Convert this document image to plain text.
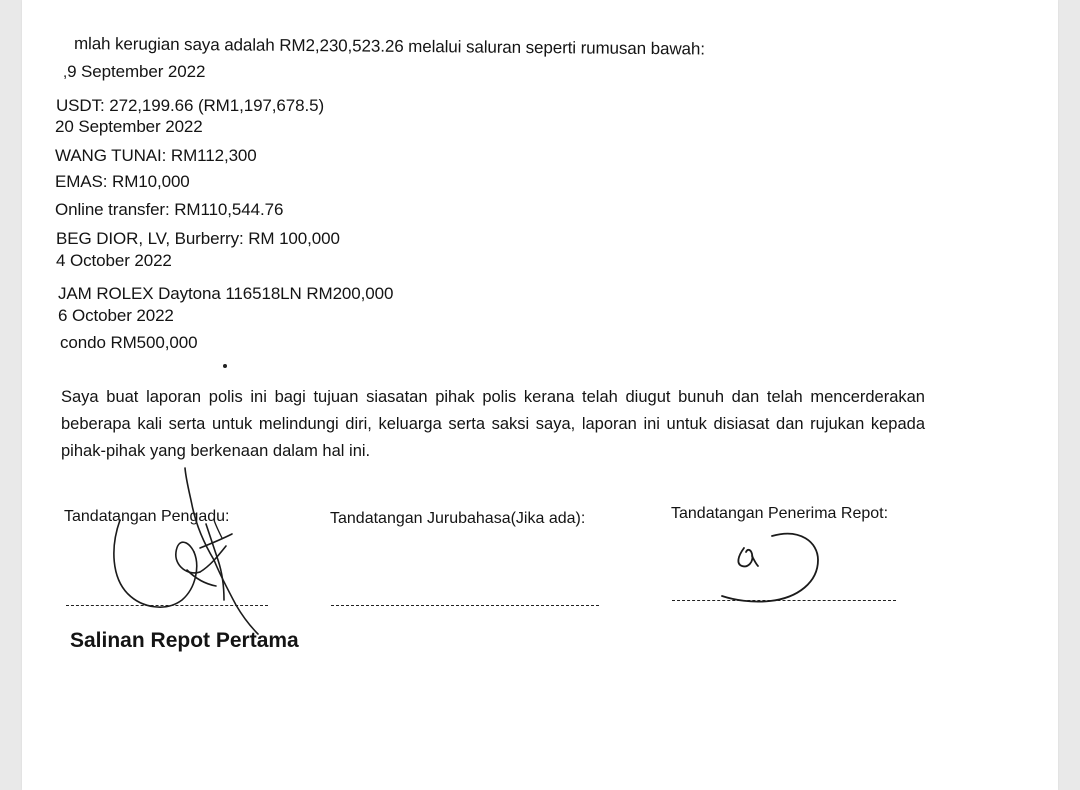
mlah kerugian saya adalah RM2,230,523.26 melalui saluran seperti rumusan bawah:
,9 September 2022
USDT: 272,199.66 (RM1,197,678.5)
20 September 2022
WANG TUNAI: RM112,300
EMAS: RM10,000
Online transfer: RM110,544.76
BEG DIOR, LV, Burberry: RM 100,000
4 October 2022
JAM ROLEX Daytona 116518LN RM200,000
6 October 2022
condo RM500,000
Saya buat laporan polis ini bagi tujuan siasatan pihak polis kerana telah diugut bunuh dan telah mencerderakan beberapa kali serta untuk melindungi diri, keluarga serta saksi saya, laporan ini untuk disiasat dan rujukan kepada pihak-pihak yang berkenaan dalam hal ini.
Tandatangan Pengadu:	Tandatangan Jurubahasa(Jika ada):	Tandatangan Penerima Repot:
Salinan Repot Pertama
